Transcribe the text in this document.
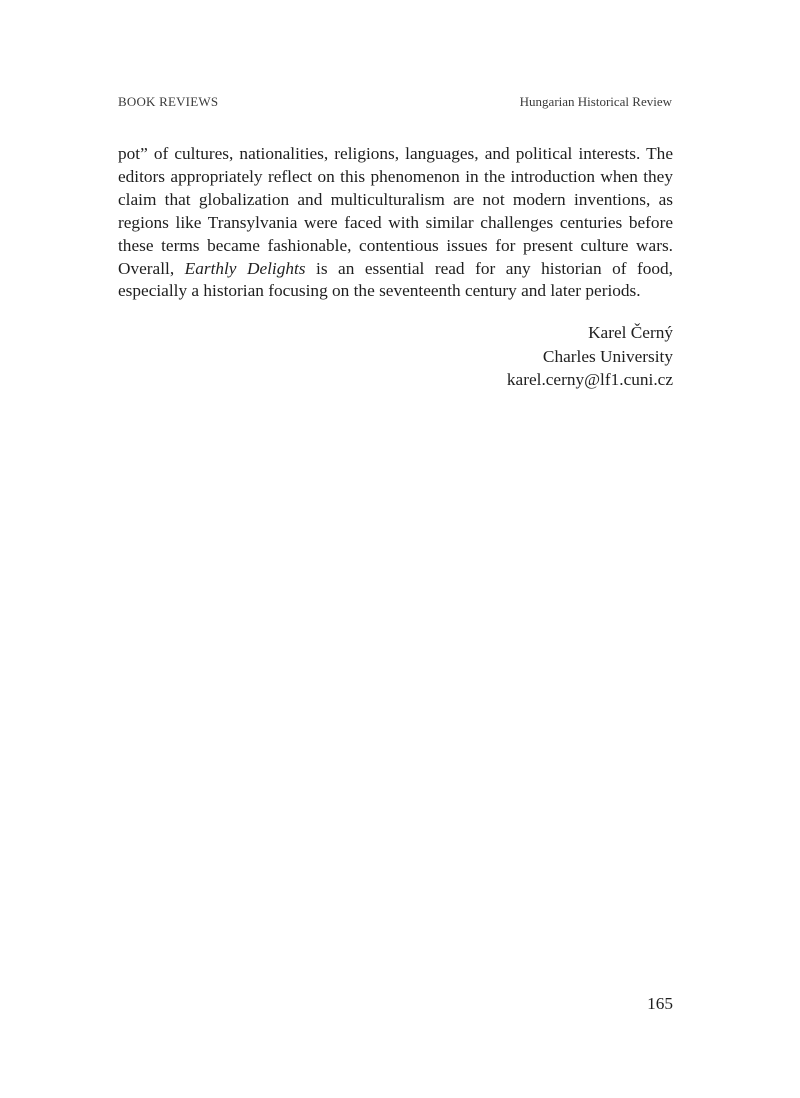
BOOK REVIEWS	Hungarian Historical Review

pot” of cultures, nationalities, religions, languages, and political interests. The editors appropriately reflect on this phenomenon in the introduction when they claim that globalization and multiculturalism are not modern inventions, as regions like Transylvania were faced with similar challenges centuries before these terms became fashionable, contentious issues for present culture wars. Overall, Earthly Delights is an essential read for any historian of food, especially a historian focusing on the seventeenth century and later periods.

Karel Černý
Charles University
karel.cerny@lf1.cuni.cz
165
